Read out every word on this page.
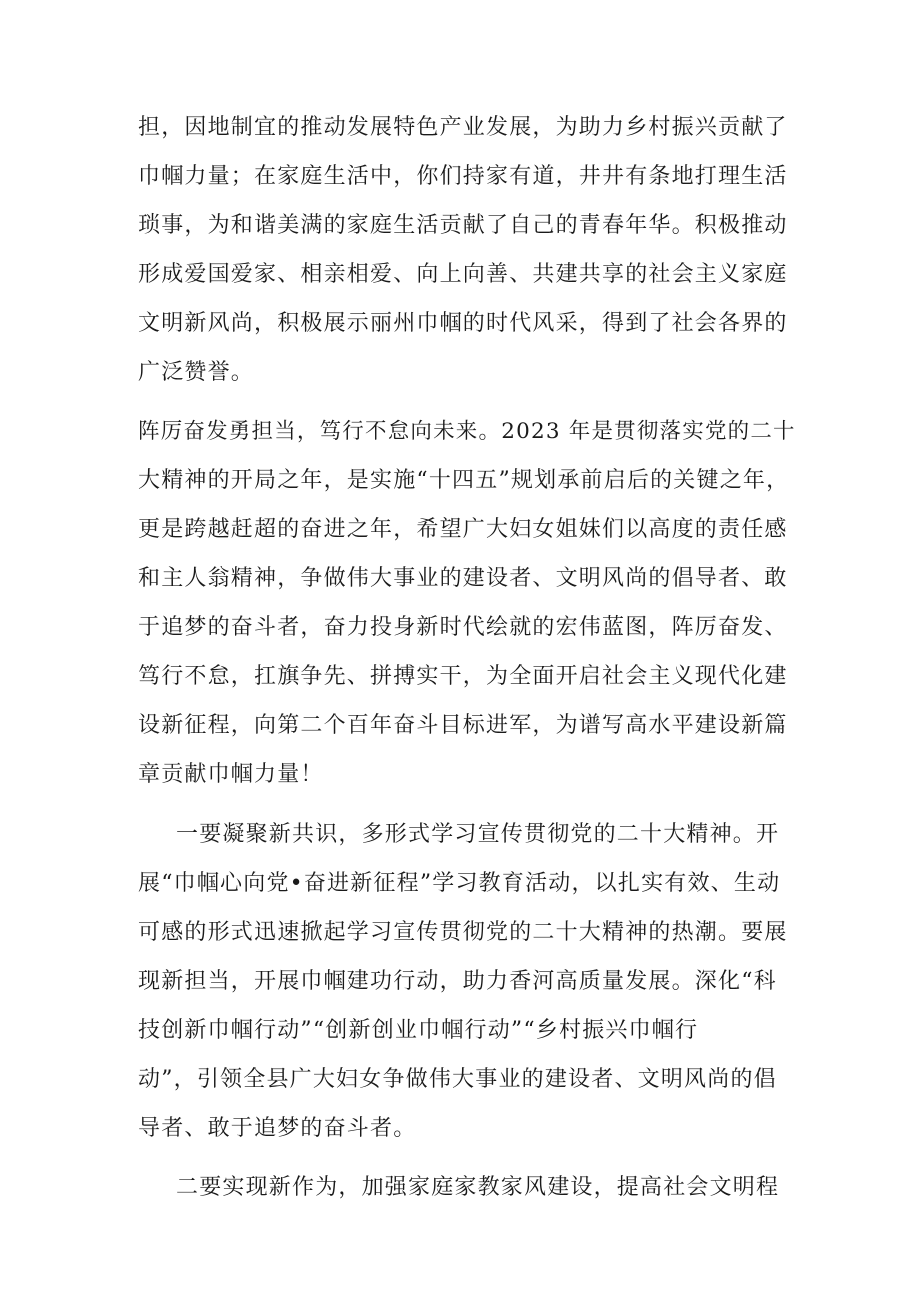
担，因地制宜的推动发展特色产业发展，为助力乡村振兴贡献了
巾帼力量；在家庭生活中，你们持家有道，井井有条地打理生活
琐事，为和谐美满的家庭生活贡献了自己的青春年华。积极推动
形成爱国爱家、相亲相爱、向上向善、共建共享的社会主义家庭
文明新风尚，积极展示丽州巾帼的时代风采，得到了社会各界的
广泛赞誉。
阵厉奋发勇担当，笃行不怠向未来。2023 年是贯彻落实党的二十
大精神的开局之年，是实施“十四五”规划承前启后的关键之年，
更是跨越赶超的奋进之年，希望广大妇女姐妹们以高度的责任感
和主人翁精神，争做伟大事业的建设者、文明风尚的倡导者、敢
于追梦的奋斗者，奋力投身新时代绘就的宏伟蓝图，阵厉奋发、
笃行不怠，扛旗争先、拼搏实干，为全面开启社会主义现代化建
设新征程，向第二个百年奋斗目标进军，为谱写高水平建设新篇
章贡献巾帼力量！
一要凝聚新共识，多形式学习宣传贯彻党的二十大精神。开
展“巾帼心向党•奋进新征程”学习教育活动，以扎实有效、生动
可感的形式迅速掀起学习宣传贯彻党的二十大精神的热潮。要展
现新担当，开展巾帼建功行动，助力香河高质量发展。深化“科
技创新巾帼行动”“创新创业巾帼行动”“乡村振兴巾帼行
动”，引领全县广大妇女争做伟大事业的建设者、文明风尚的倡
导者、敢于追梦的奋斗者。
二要实现新作为，加强家庭家教家风建设，提高社会文明程
